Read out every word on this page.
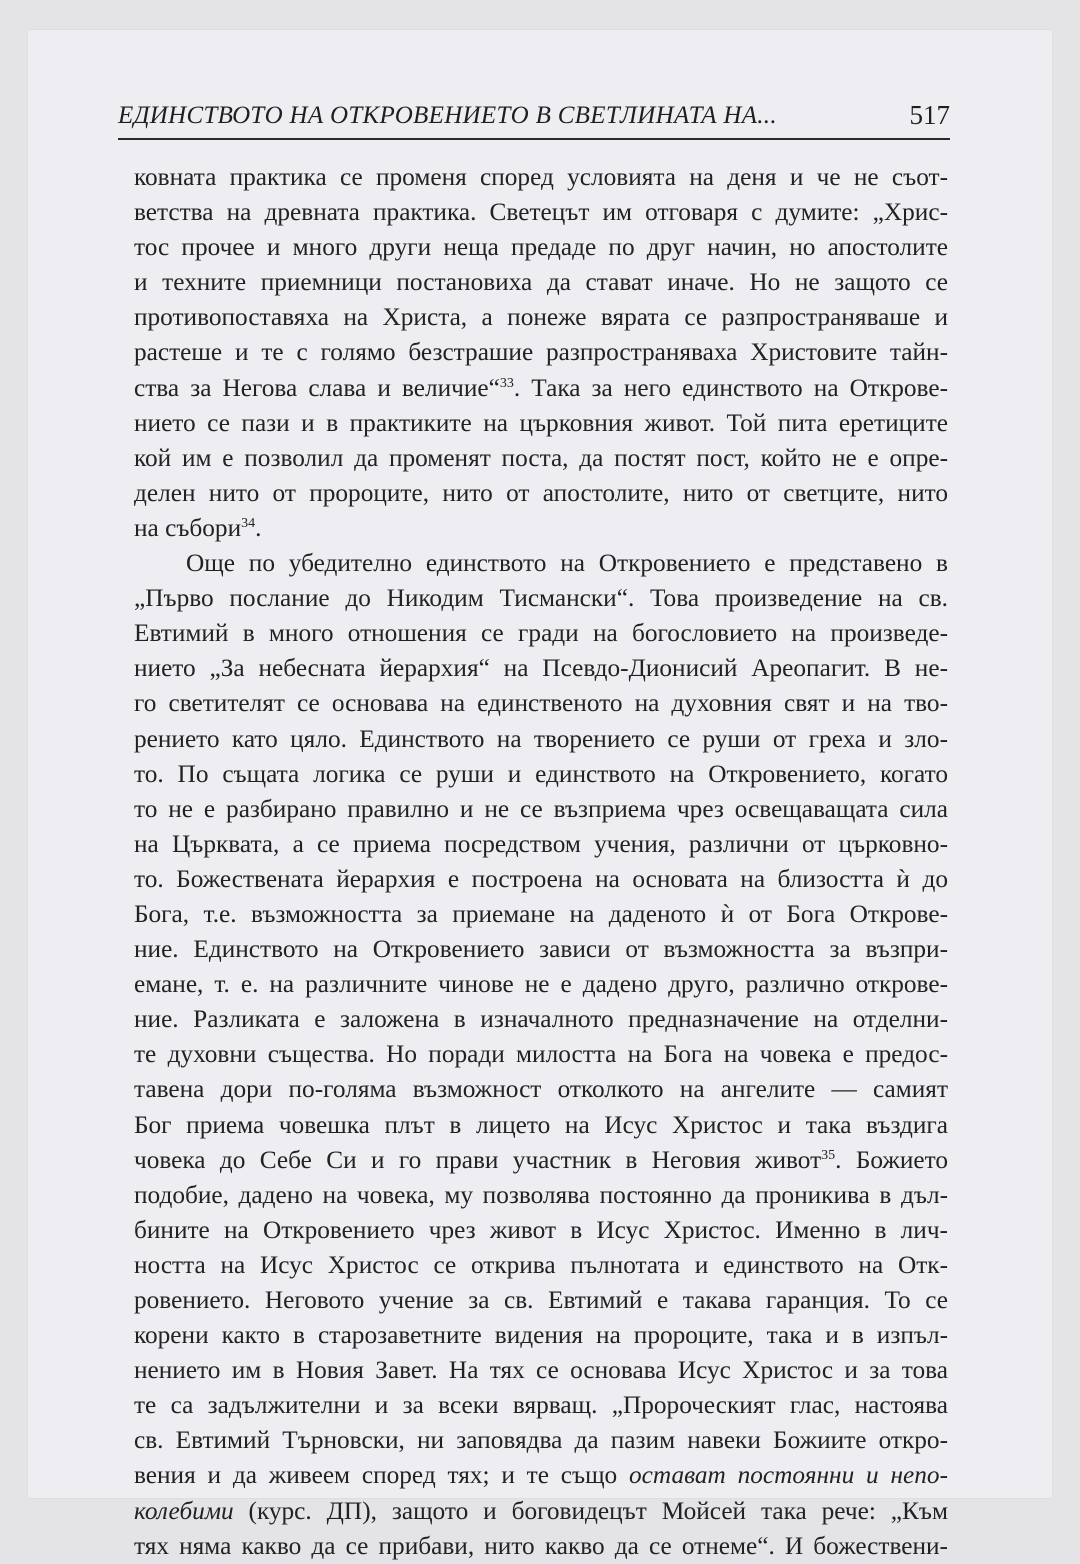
ЕДИНСТВОТО НА ОТКРОВЕНИЕТО В СВЕТЛИНАТА НА...	517
ковната практика се променя според условията на деня и че не съот-
ветства на древната практика. Светецът им отговаря с думите: „Хрис-
тос прочее и много други неща предаде по друг начин, но апостолите
и техните приемници постановиха да стават иначе. Но не защото се
противопоставяха на Христа, а понеже вярата се разпространяваше и
растеше и те с голямо безстрашие разпространяваха Христовите тайн-
ства за Негова слава и величие“$^{33}$. Така за него единството на Открове-
нието се пази и в практиките на църковния живот. Той пита еретиците
кой им е позволил да променят поста, да постят пост, който не е опре-
делен нито от пророците, нито от апостолите, нито от светците, нито
на събори$^{34}$.
Още по убедително единството на Откровението е представено в
„Първо послание до Никодим Тисмански“. Това произведение на св.
Евтимий в много отношения се гради на богословието на произведе-
нието „За небесната йерархия“ на Псевдо-Дионисий Ареопагит. В не-
го светителят се основава на единственото на духовния свят и на тво-
рението като цяло. Единството на творението се руши от греха и зло-
то. По същата логика се руши и единството на Откровението, когато
то не е разбирано правилно и не се възприема чрез освещаващата сила
на Църквата, а се приема посредством учения, различни от църковно-
то. Божествената йерархия е построена на основата на близостта ѝ до
Бога, т.е. възможността за приемане на даденото ѝ от Бога Открове-
ние. Единството на Откровението зависи от възможността за възпри-
емане, т. е. на различните чинове не е дадено друго, различно открове-
ние. Разликата е заложена в изначалното предназначение на отделни-
те духовни същества. Но поради милостта на Бога на човека е предос-
тавена дори по-голяма възможност отколкото на ангелите — самият
Бог приема човешка плът в лицето на Исус Христос и така въздига
човека до Себе Си и го прави участник в Неговия живот$^{35}$. Божието
подобие, дадено на човека, му позволява постоянно да проникива в дъл-
бините на Откровението чрез живот в Исус Христос. Именно в лич-
ността на Исус Христос се открива пълнотата и единството на Отк-
ровението. Неговото учение за св. Евтимий е такава гаранция. То се
корени както в старозаветните видения на пророците, така и в изпъл-
нението им в Новия Завет. На тях се основава Исус Христос и за това
те са задължителни и за всеки вярващ. „Пророческият глас, настоява
св. Евтимий Търновски, ни заповядва да пазим навеки Божиите откро-
вения и да живеем според тях; и те също остават постоянни и непо-
колебими (курс. ДП), защото и боговидецът Мойсей така рече: „Към
тях няма какво да се прибави, нито какво да се отнеме“. И божествени-
